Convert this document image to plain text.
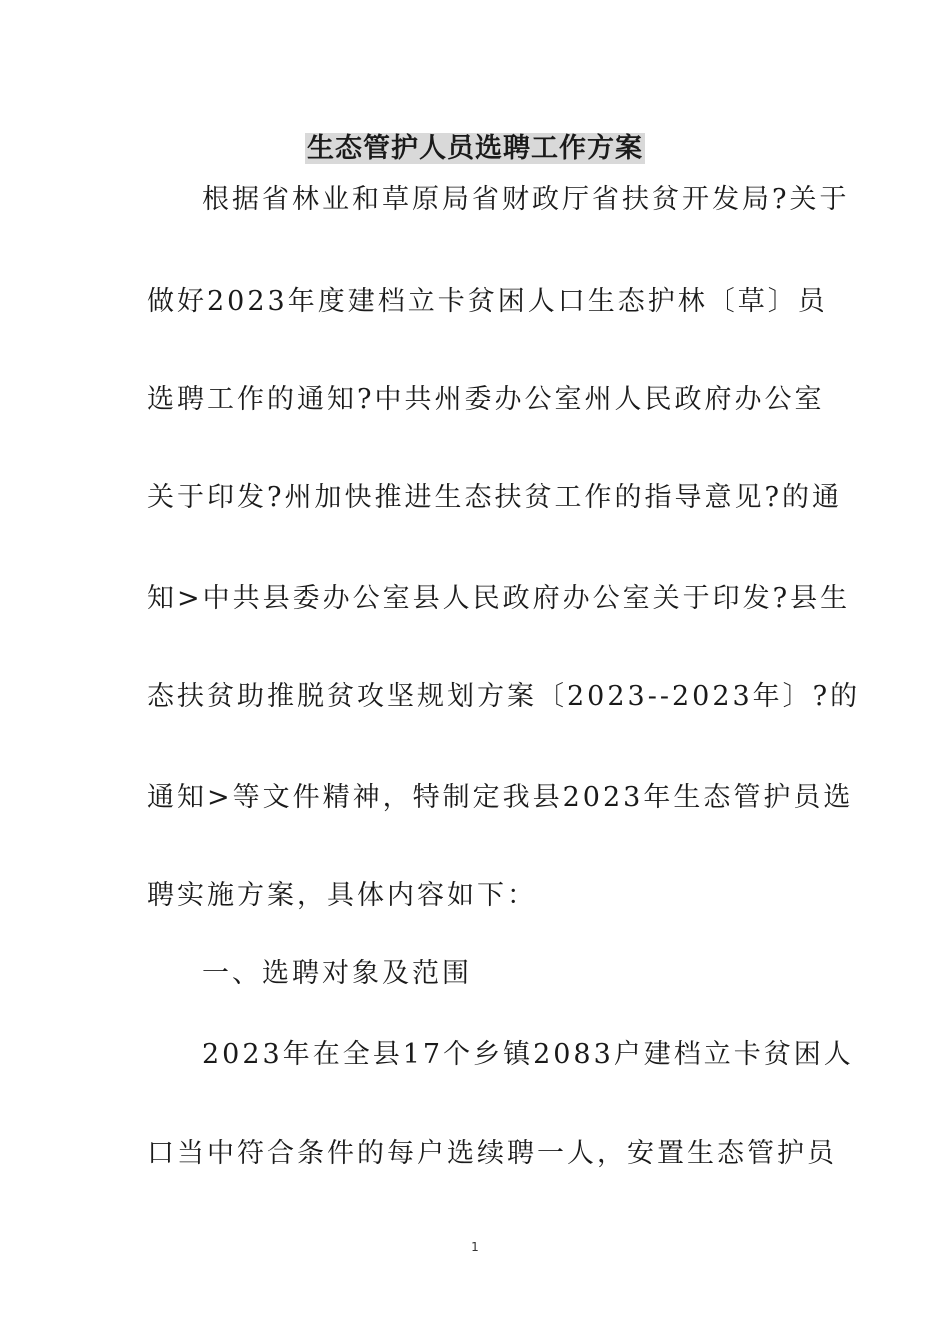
生态管护人员选聘工作方案
根据省林业和草原局省财政厅省扶贫开发局?关于
做好2023年度建档立卡贫困人口生态护林〔草〕员
选聘工作的通知?中共州委办公室州人民政府办公室
关于印发?州加快推进生态扶贫工作的指导意见?的通
知>中共县委办公室县人民政府办公室关于印发?县生
态扶贫助推脱贫攻坚规划方案〔2023--2023年〕?的
通知>等文件精神，特制定我县2023年生态管护员选
聘实施方案，具体内容如下：
一、选聘对象及范围
2023年在全县17个乡镇2083户建档立卡贫困人
口当中符合条件的每户选续聘一人，安置生态管护员
1
